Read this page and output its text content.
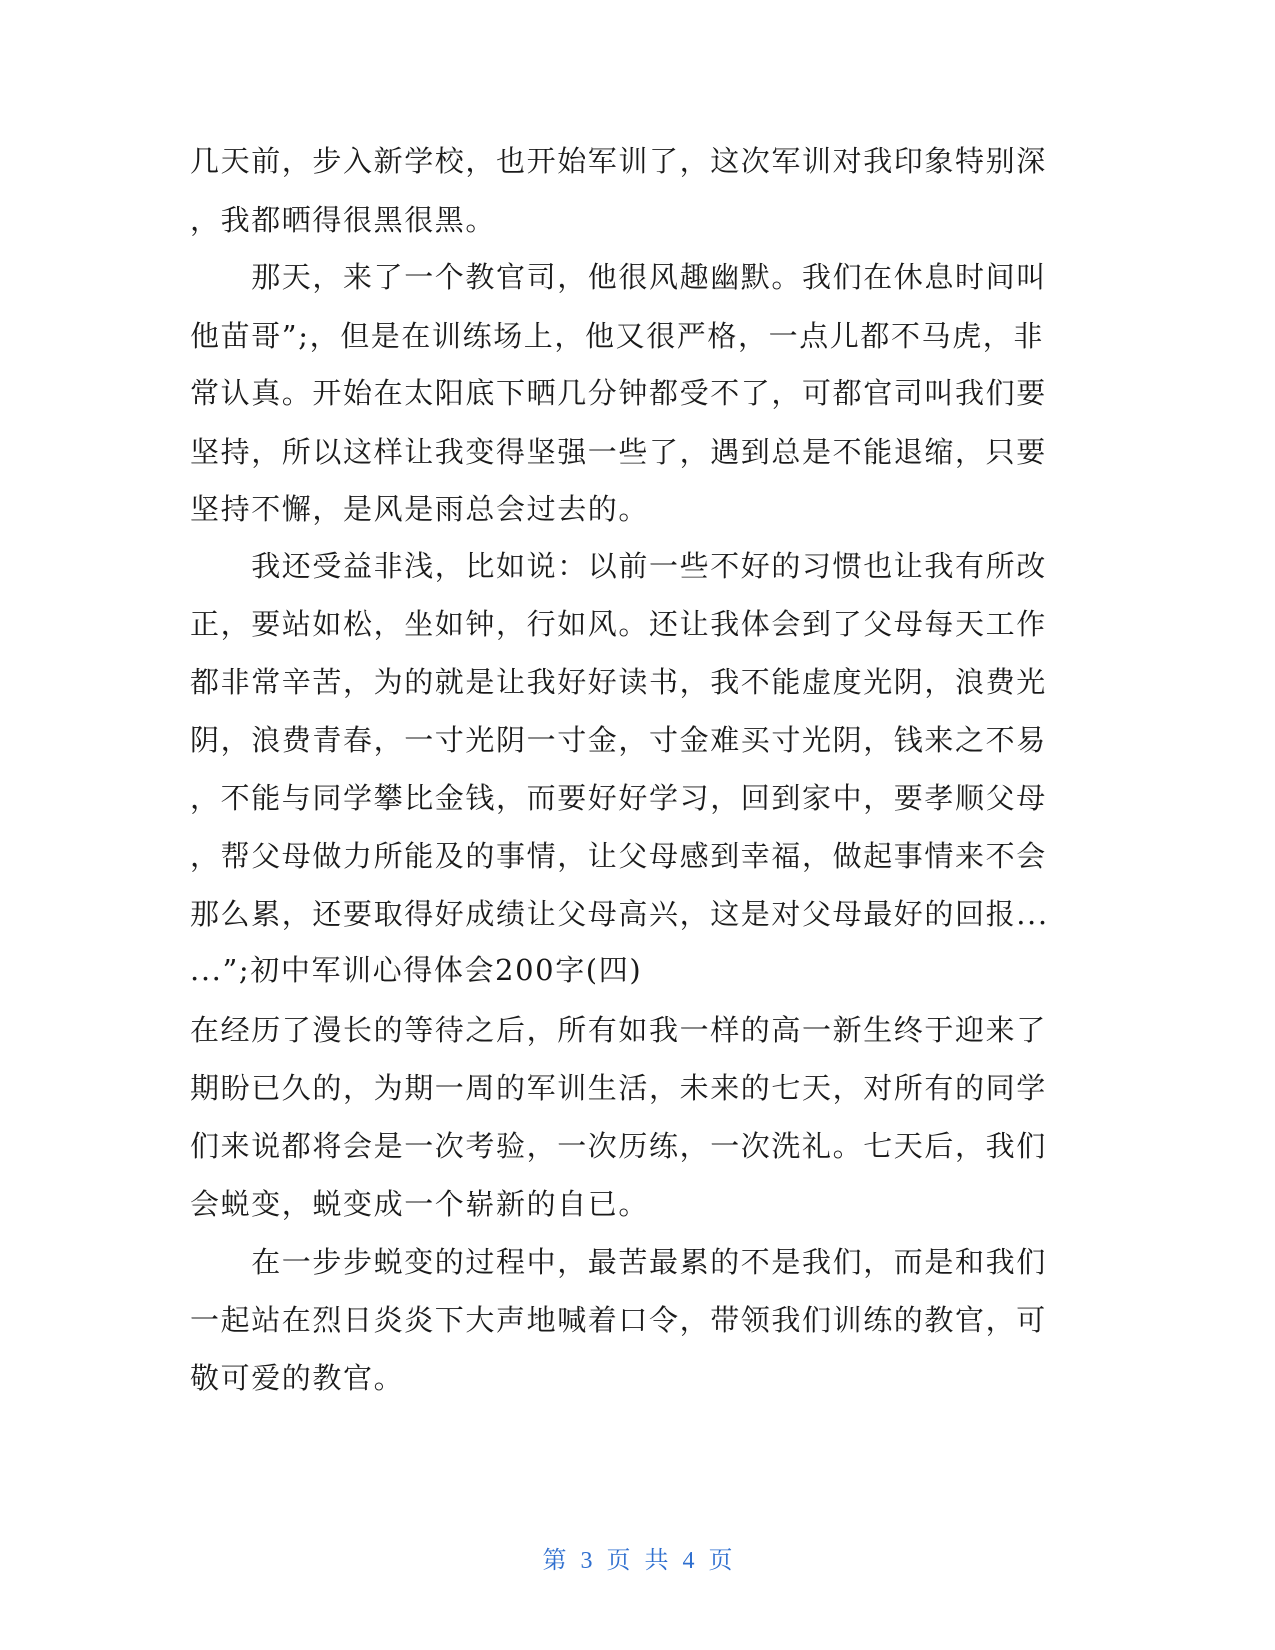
几天前，步入新学校，也开始军训了，这次军训对我印象特别深
，我都晒得很黑很黑。
　　那天，来了一个教官司，他很风趣幽默。我们在休息时间叫
他苗哥”;，但是在训练场上，他又很严格，一点儿都不马虎，非
常认真。开始在太阳底下晒几分钟都受不了，可都官司叫我们要
坚持，所以这样让我变得坚强一些了，遇到总是不能退缩，只要
坚持不懈，是风是雨总会过去的。
　　我还受益非浅，比如说：以前一些不好的习惯也让我有所改
正，要站如松，坐如钟，行如风。还让我体会到了父母每天工作
都非常辛苦，为的就是让我好好读书，我不能虚度光阴，浪费光
阴，浪费青春，一寸光阴一寸金，寸金难买寸光阴，钱来之不易
，不能与同学攀比金钱，而要好好学习，回到家中，要孝顺父母
，帮父母做力所能及的事情，让父母感到幸福，做起事情来不会
那么累，还要取得好成绩让父母高兴，这是对父母最好的回报...
...”;初中军训心得体会200字(四)
在经历了漫长的等待之后，所有如我一样的高一新生终于迎来了
期盼已久的，为期一周的军训生活，未来的七天，对所有的同学
们来说都将会是一次考验，一次历练，一次洗礼。七天后，我们
会蜕变，蜕变成一个崭新的自已。
　　在一步步蜕变的过程中，最苦最累的不是我们，而是和我们
一起站在烈日炎炎下大声地喊着口令，带领我们训练的教官，可
敬可爱的教官。
第 3 页 共 4 页
